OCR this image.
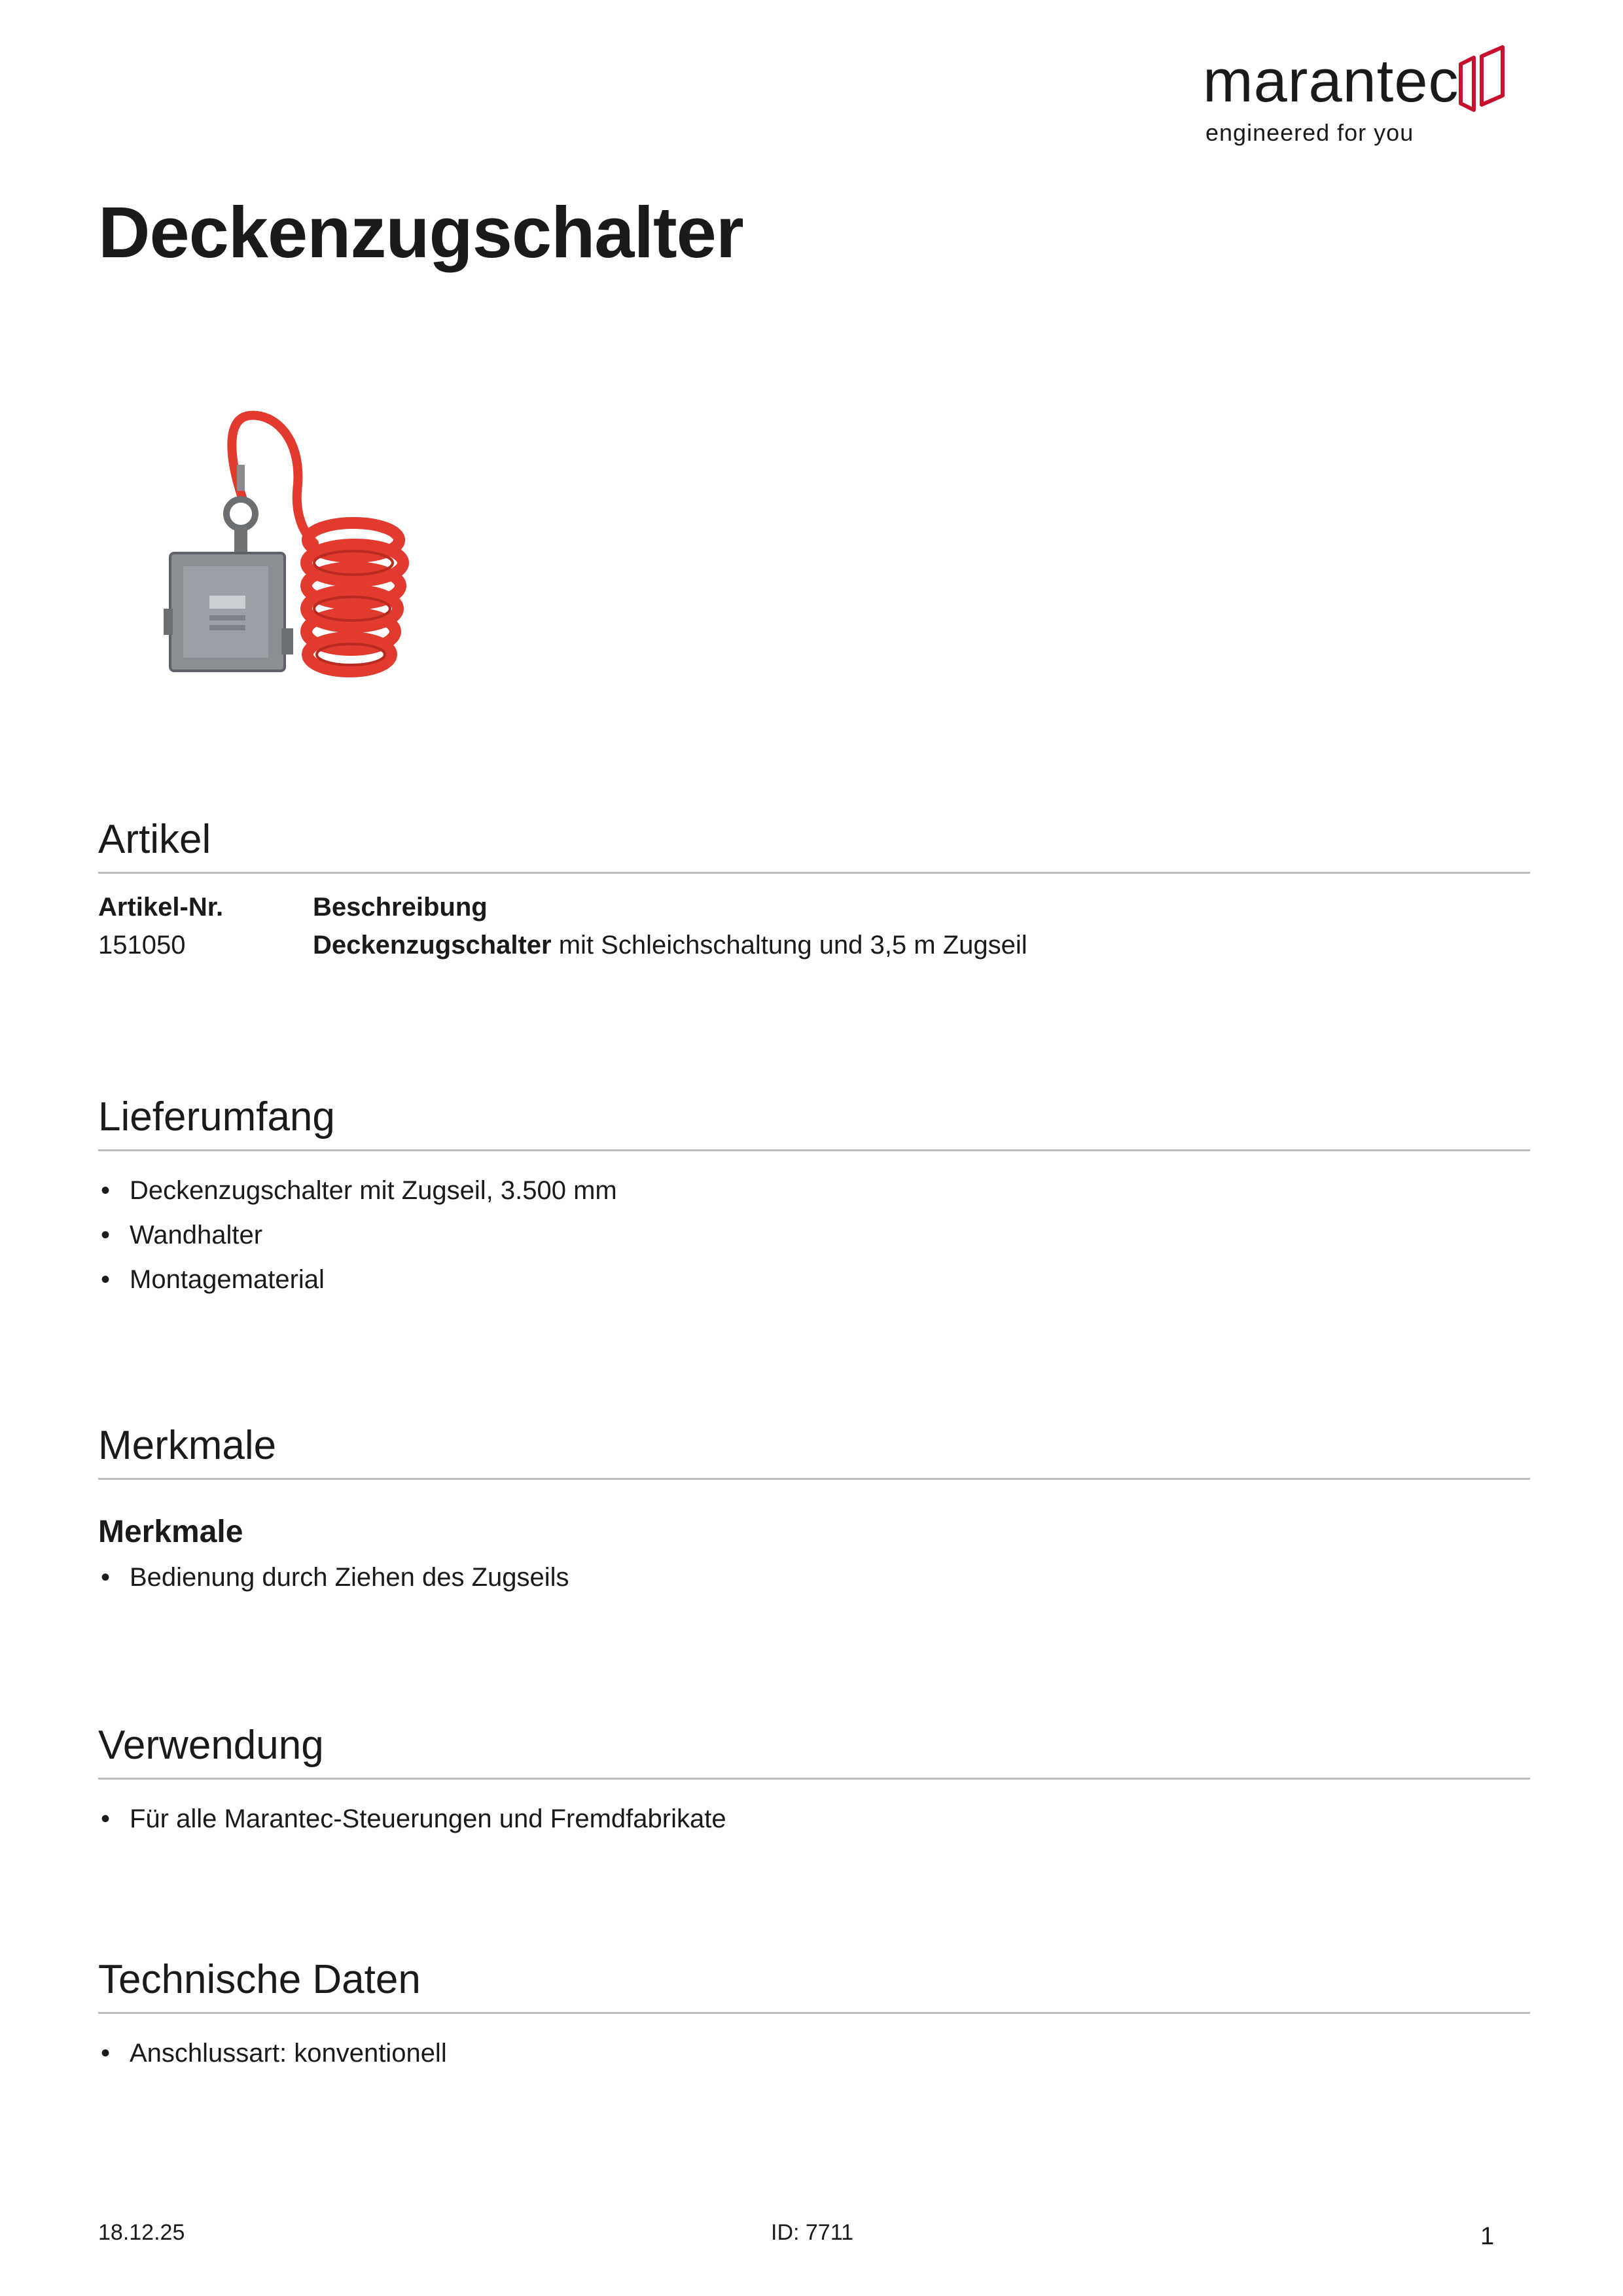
marantec
engineered for you
Deckenzugschalter
Artikel
Artikel-Nr.	Beschreibung
151050	Deckenzugschalter mit Schleichschaltung und 3,5 m Zugseil
Lieferumfang
• Deckenzugschalter mit Zugseil, 3.500 mm
• Wandhalter
• Montagematerial
Merkmale
Merkmale
• Bedienung durch Ziehen des Zugseils
Verwendung
• Für alle Marantec-Steuerungen und Fremdfabrikate
Technische Daten
• Anschlussart: konventionell
18.12.25	ID: 7711	1
